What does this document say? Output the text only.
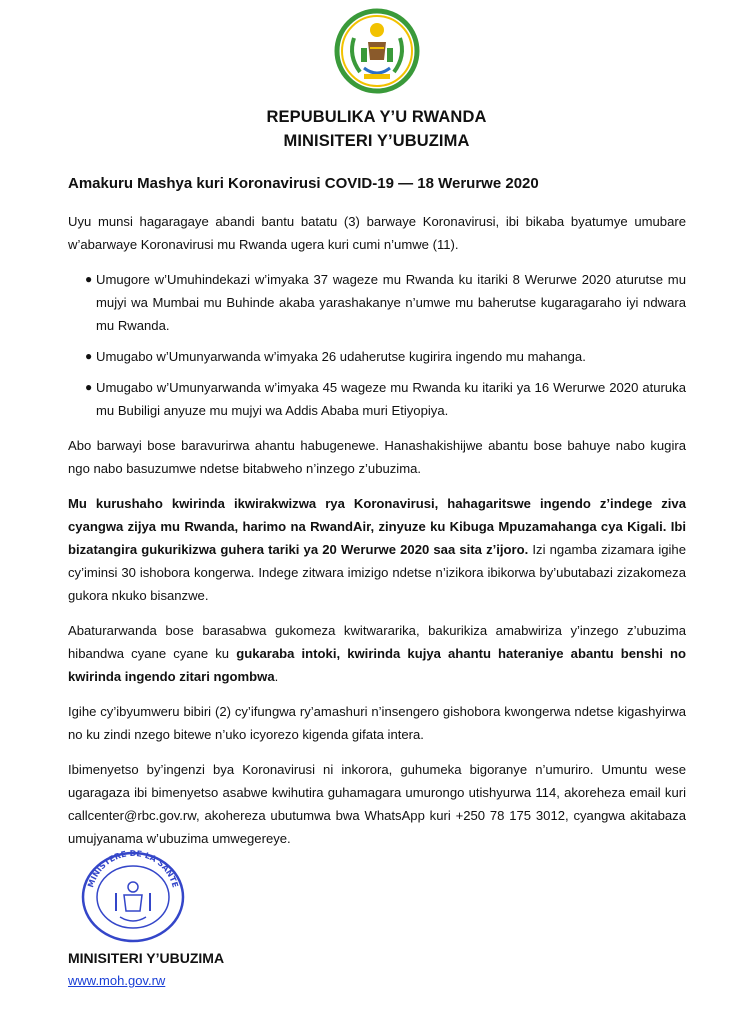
REPUBULIKA Y’U RWANDA
MINISITERI Y’UBUZIMA
Amakuru Mashya kuri Koronavirusi COVID-19 — 18 Werurwe 2020

Uyu munsi hagaragaye abandi bantu batatu (3) barwaye Koronavirusi, ibi bikaba byatumye umubare w’abarwaye Koronavirusi mu Rwanda ugera kuri cumi n’umwe (11).

● Umugore w’Umuhindekazi w’imyaka 37 wageze mu Rwanda ku itariki 8 Werurwe 2020 aturutse mu mujyi wa Mumbai mu Buhinde akaba yarashakanye n’umwe mu baherutse kugaragaraho iyi ndwara mu Rwanda.
● Umugabo w’Umunyarwanda w’imyaka 26 udaherutse kugirira ingendo mu mahanga.
● Umugabo w’Umunyarwanda w’imyaka 45 wageze mu Rwanda ku itariki ya 16 Werurwe 2020 aturuka mu Bubiligi anyuze mu mujyi wa Addis Ababa muri Etiyopiya.

Abo barwayi bose baravurirwa ahantu habugenewe. Hanashakishijwe abantu bose bahuye nabo kugira ngo nabo basuzumwe ndetse bitabweho n’inzego z’ubuzima.

Mu kurushaho kwirinda ikwirakwizwa rya Koronavirusi, hahagaritswe ingendo z’indege ziva cyangwa zijya mu Rwanda, harimo na RwandAir, zinyuze ku Kibuga Mpuzamahanga cya Kigali. Ibi bizatangira gukurikizwa guhera tariki ya 20 Werurwe 2020 saa sita z’ijoro. Izi ngamba zizamara igihe cy’iminsi 30 ishobora kongerwa. Indege zitwara imizigo ndetse n’izikora ibikorwa by’ubutabazi zizakomeza gukora nkuko bisanzwe.

Abaturarwanda bose barasabwa gukomeza kwitwararika, bakurikiza amabwiriza y’inzego z’ubuzima hibandwa cyane cyane ku gukaraba intoki, kwirinda kujya ahantu hateraniye abantu benshi no kwirinda ingendo zitari ngombwa.

Igihe cy’ibyumweru bibiri (2) cy’ifungwa ry’amashuri n’insengero gishobora kwongerwa ndetse kigashyirwa no ku zindi nzego bitewe n’uko icyorezo kigenda gifata intera.

Ibimenyetso by’ingenzi bya Koronavirusi ni inkorora, guhumeka bigoranye n’umuriro. Umuntu wese ugaragaza ibi bimenyetso asabwe kwihutira guhamagara umurongo utishyurwa 114, akoreheza email kuri callcenter@rbc.gov.rw, akohereza ubutumwa bwa WhatsApp kuri +250 78 175 3012, cyangwa akitabaza umujyanama w’ubuzima umwegereye.

MINISTERE DE LA SANTE
MINISITERI Y’UBUZIMA
www.moh.gov.rw
